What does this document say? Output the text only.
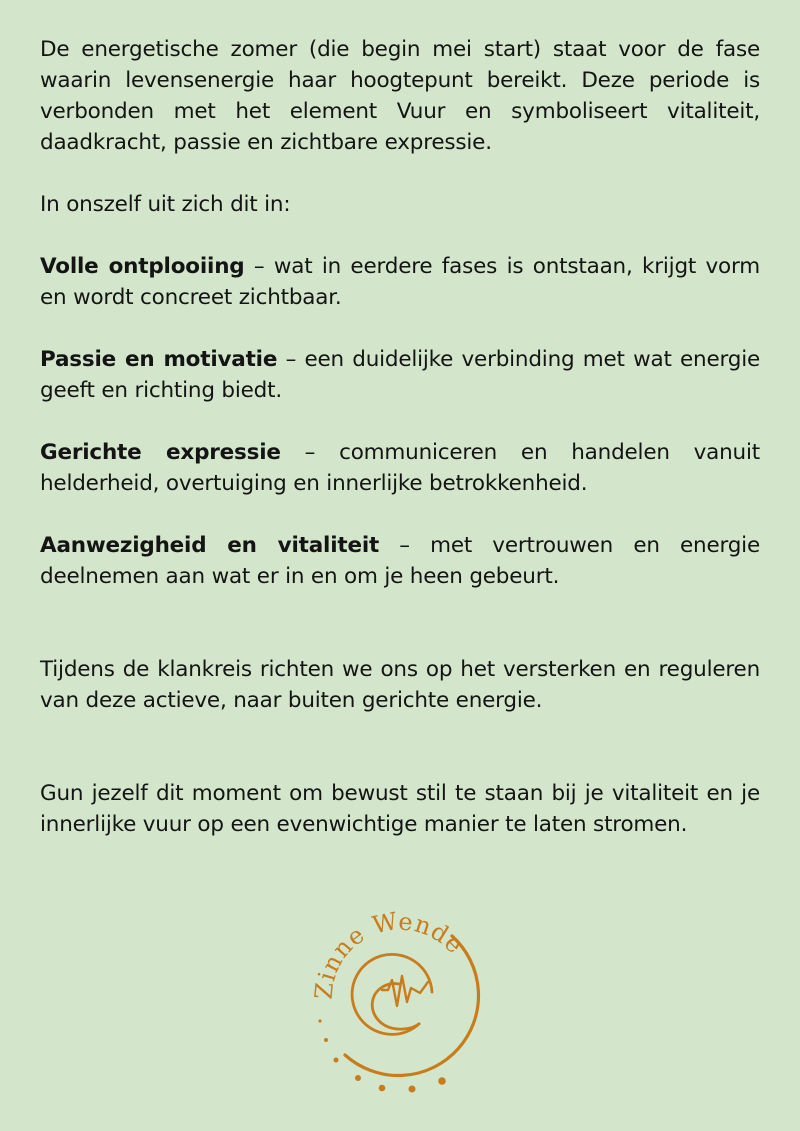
De energetische zomer (die begin mei start) staat voor de fase waarin levensenergie haar hoogtepunt bereikt. Deze periode is verbonden met het element Vuur en symboliseert vitaliteit, daadkracht, passie en zichtbare expressie.

In onszelf uit zich dit in:

Volle ontplooiing – wat in eerdere fases is ontstaan, krijgt vorm en wordt concreet zichtbaar.

Passie en motivatie – een duidelijke verbinding met wat energie geeft en richting biedt.

Gerichte expressie – communiceren en handelen vanuit helderheid, overtuiging en innerlijke betrokkenheid.

Aanwezigheid en vitaliteit – met vertrouwen en energie deelnemen aan wat er in en om je heen gebeurt.

Tijdens de klankreis richten we ons op het versterken en reguleren van deze actieve, naar buiten gerichte energie.

Gun jezelf dit moment om bewust stil te staan bij je vitaliteit en je innerlijke vuur op een evenwichtige manier te laten stromen.

Zinne Wende
